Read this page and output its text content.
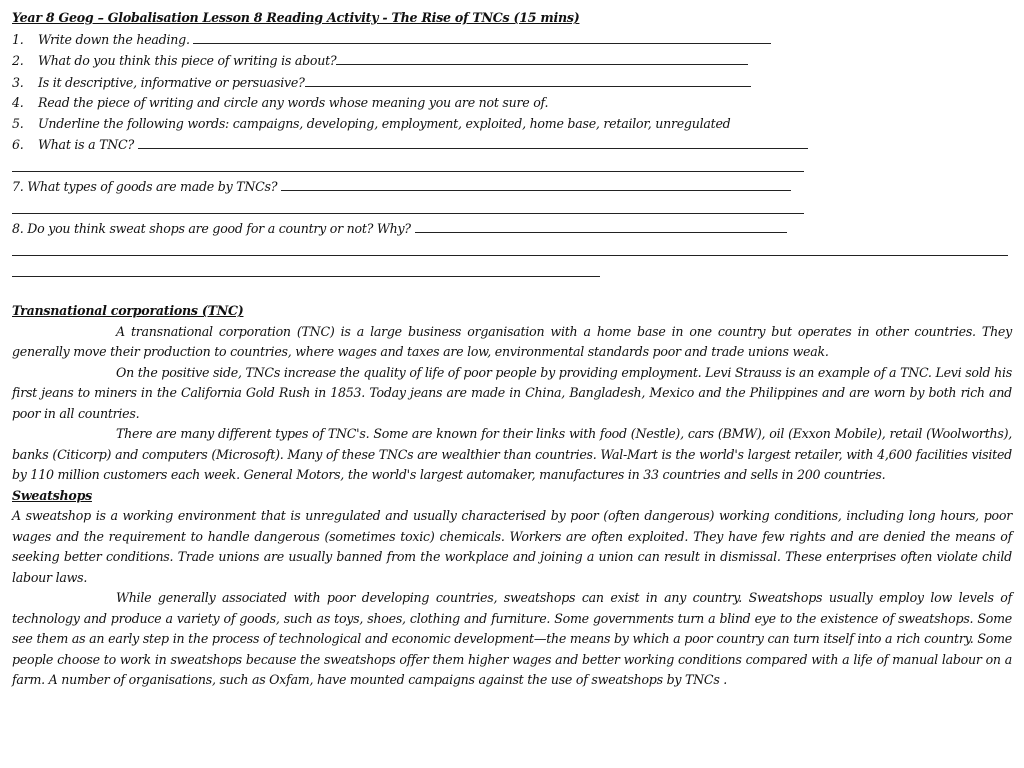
Year 8 Geog – Globalisation Lesson 8 Reading Activity - The Rise of TNCs (15 mins)
1. Write down the heading.
2. What do you think this piece of writing is about?
3. Is it descriptive, informative or persuasive?
4. Read the piece of writing and circle any words whose meaning you are not sure of.
5. Underline the following words: campaigns, developing, employment, exploited, home base, retailor, unregulated
6. What is a TNC?
7. What types of goods are made by TNCs?
8. Do you think sweat shops are good for a country or not? Why?
Transnational corporations (TNC)

A transnational corporation (TNC) is a large business organisation with a home base in one country but operates in other countries. They generally move their production to countries, where wages and taxes are low, environmental standards poor and trade unions weak.

On the positive side, TNCs increase the quality of life of poor people by providing employment. Levi Strauss is an example of a TNC. Levi sold his first jeans to miners in the California Gold Rush in 1853. Today jeans are made in China, Bangladesh, Mexico and the Philippines and are worn by both rich and poor in all countries.

There are many different types of TNC's. Some are known for their links with food (Nestle), cars (BMW), oil (Exxon Mobile), retail (Woolworths), banks (Citicorp) and computers (Microsoft). Many of these TNCs are wealthier than countries. Wal-Mart is the world's largest retailer, with 4,600 facilities visited by 110 million customers each week. General Motors, the world's largest automaker, manufactures in 33 countries and sells in 200 countries.

Sweatshops

A sweatshop is a working environment that is unregulated and usually characterised by poor (often dangerous) working conditions, including long hours, poor wages and the requirement to handle dangerous (sometimes toxic) chemicals. Workers are often exploited. They have few rights and are denied the means of seeking better conditions. Trade unions are usually banned from the workplace and joining a union can result in dismissal. These enterprises often violate child labour laws.

While generally associated with poor developing countries, sweatshops can exist in any country. Sweatshops usually employ low levels of technology and produce a variety of goods, such as toys, shoes, clothing and furniture. Some governments turn a blind eye to the existence of sweatshops. Some see them as an early step in the process of technological and economic development—the means by which a poor country can turn itself into a rich country. Some people choose to work in sweatshops because the sweatshops offer them higher wages and better working conditions compared with a life of manual labour on a farm. A number of organisations, such as Oxfam, have mounted campaigns against the use of sweatshops by TNCs .
